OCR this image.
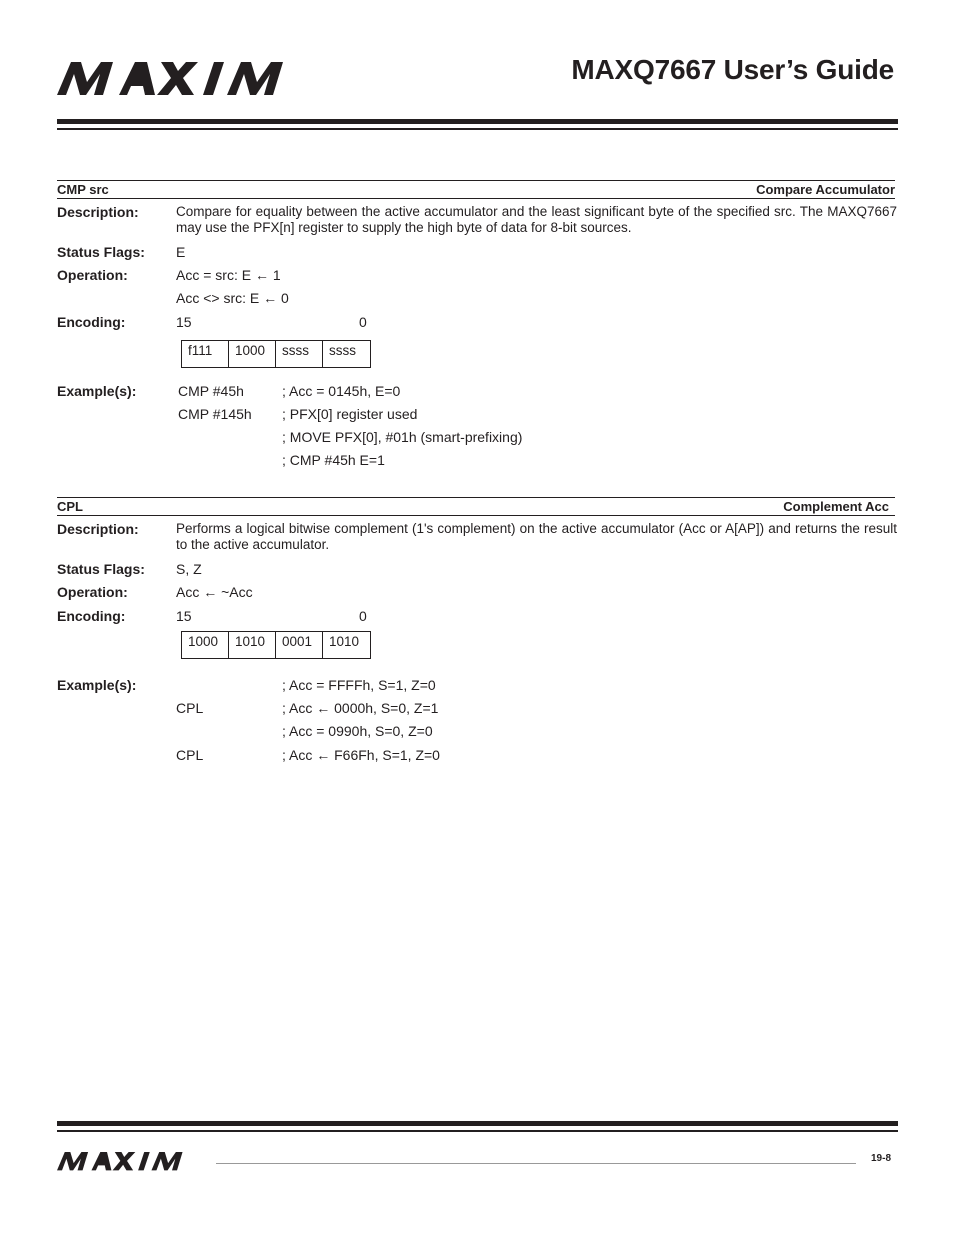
MAXIM	MAXQ7667 User’s Guide
CMP src	Compare Accumulator
Description:	Compare for equality between the active accumulator and the least significant byte of the specified src. The MAXQ7667 may use the PFX[n] register to supply the high byte of data for 8-bit sources.
Status Flags: E
Operation:	Acc = src: E ← 1
Acc <> src: E ← 0
Encoding:	15	0
f111	1000	ssss	ssss
Example(s):	CMP #45h	; Acc = 0145h, E=0
CMP #145h ; PFX[0] register used
; MOVE PFX[0], #01h (smart-prefixing)
; CMP #45h E=1
CPL	Complement Acc
Description:	Performs a logical bitwise complement (1's complement) on the active accumulator (Acc or A[AP]) and returns the result to the active accumulator.
Status Flags: S, Z
Operation:	Acc ← ~Acc
Encoding:	15	0
1000	1010	0001	1010
Example(s):	; Acc = FFFFh, S=1, Z=0
CPL	; Acc ← 0000h, S=0, Z=1
; Acc = 0990h, S=0, Z=0
CPL	; Acc ← F66Fh, S=1, Z=0
19-8
